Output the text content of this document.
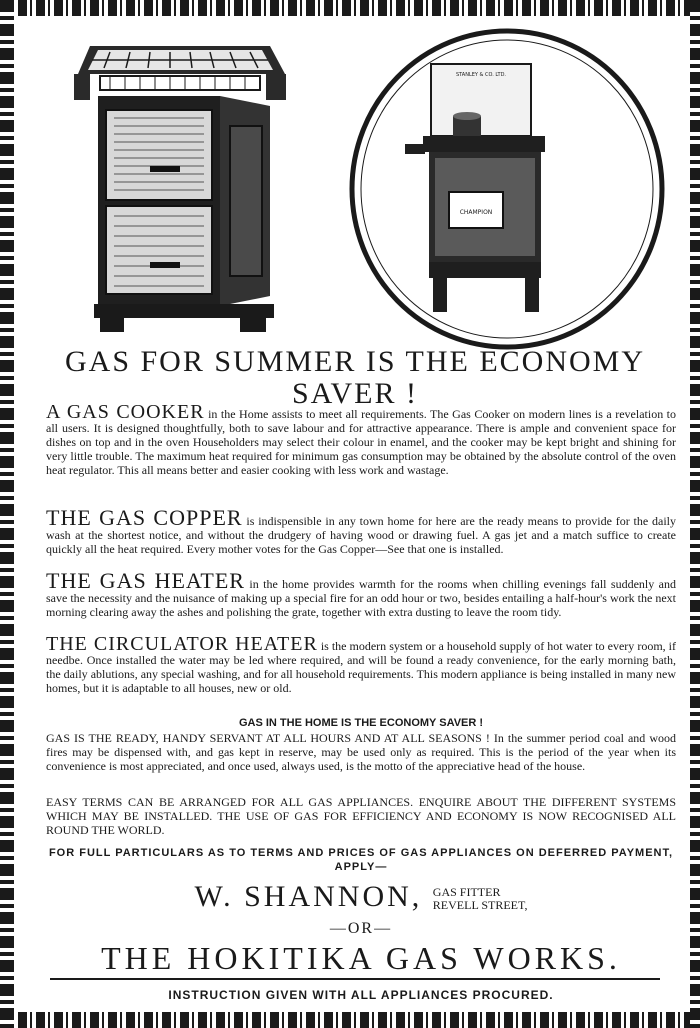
STANLEY & CO. LTD.
CHAMPION
GAS FOR SUMMER IS THE ECONOMY
SAVER !
A GAS COOKER in the Home assists to meet all requirements. The Gas Cooker on modern lines is a revelation to all users. It is designed thoughtfully, both to save labour and for attractive appearance. There is ample and convenient space for dishes on top and in the oven Householders may select their colour in enamel, and the cooker may be kept bright and shining for very little trouble. The maximum heat required for minimum gas consumption may be obtained by the absolute control of the oven heat regulator. This all means better and easier cooking with less work and wastage.
THE GAS COPPER is indispensible in any town home for here are the ready means to provide for the daily wash at the shortest notice, and without the drudgery of having wood or drawing fuel. A gas jet and a match suffice to create quickly all the heat required. Every mother votes for the Gas Copper—See that one is installed.
THE GAS HEATER in the home provides warmth for the rooms when chilling evenings fall suddenly and save the necessity and the nuisance of making up a special fire for an odd hour or two, besides entailing a half-hour's work the next morning clearing away the ashes and polishing the grate, together with extra dusting to leave the room tidy.
THE CIRCULATOR HEATER is the modern system or a household supply of hot water to every room, if needbe. Once installed the water may be led where required, and will be found a ready convenience, for the early morning bath, the daily ablutions, any special washing, and for all household requirements. This modern appliance is being installed in many new homes, but it is adaptable to all houses, new or old.
GAS IN THE HOME IS THE ECONOMY SAVER !
GAS IS THE READY, HANDY SERVANT AT ALL HOURS AND AT ALL SEASONS ! In the summer period coal and wood fires may be dispensed with, and gas kept in reserve, may be used only as required. This is the period of the year when its convenience is most appreciated, and once used, always used, is the motto of the appreciative head of the house.
EASY TERMS CAN BE ARRANGED FOR ALL GAS APPLIANCES. ENQUIRE ABOUT THE DIFFERENT SYSTEMS WHICH MAY BE INSTALLED. THE USE OF GAS FOR EFFICIENCY AND ECONOMY IS NOW RECOGNISED ALL ROUND THE WORLD.
FOR FULL PARTICULARS AS TO TERMS AND PRICES OF GAS APPLIANCES ON DEFERRED PAYMENT, APPLY—
W. SHANNON, GAS FITTER
REVELL STREET,
—OR—
THE HOKITIKA GAS WORKS.
INSTRUCTION GIVEN WITH ALL APPLIANCES PROCURED.
